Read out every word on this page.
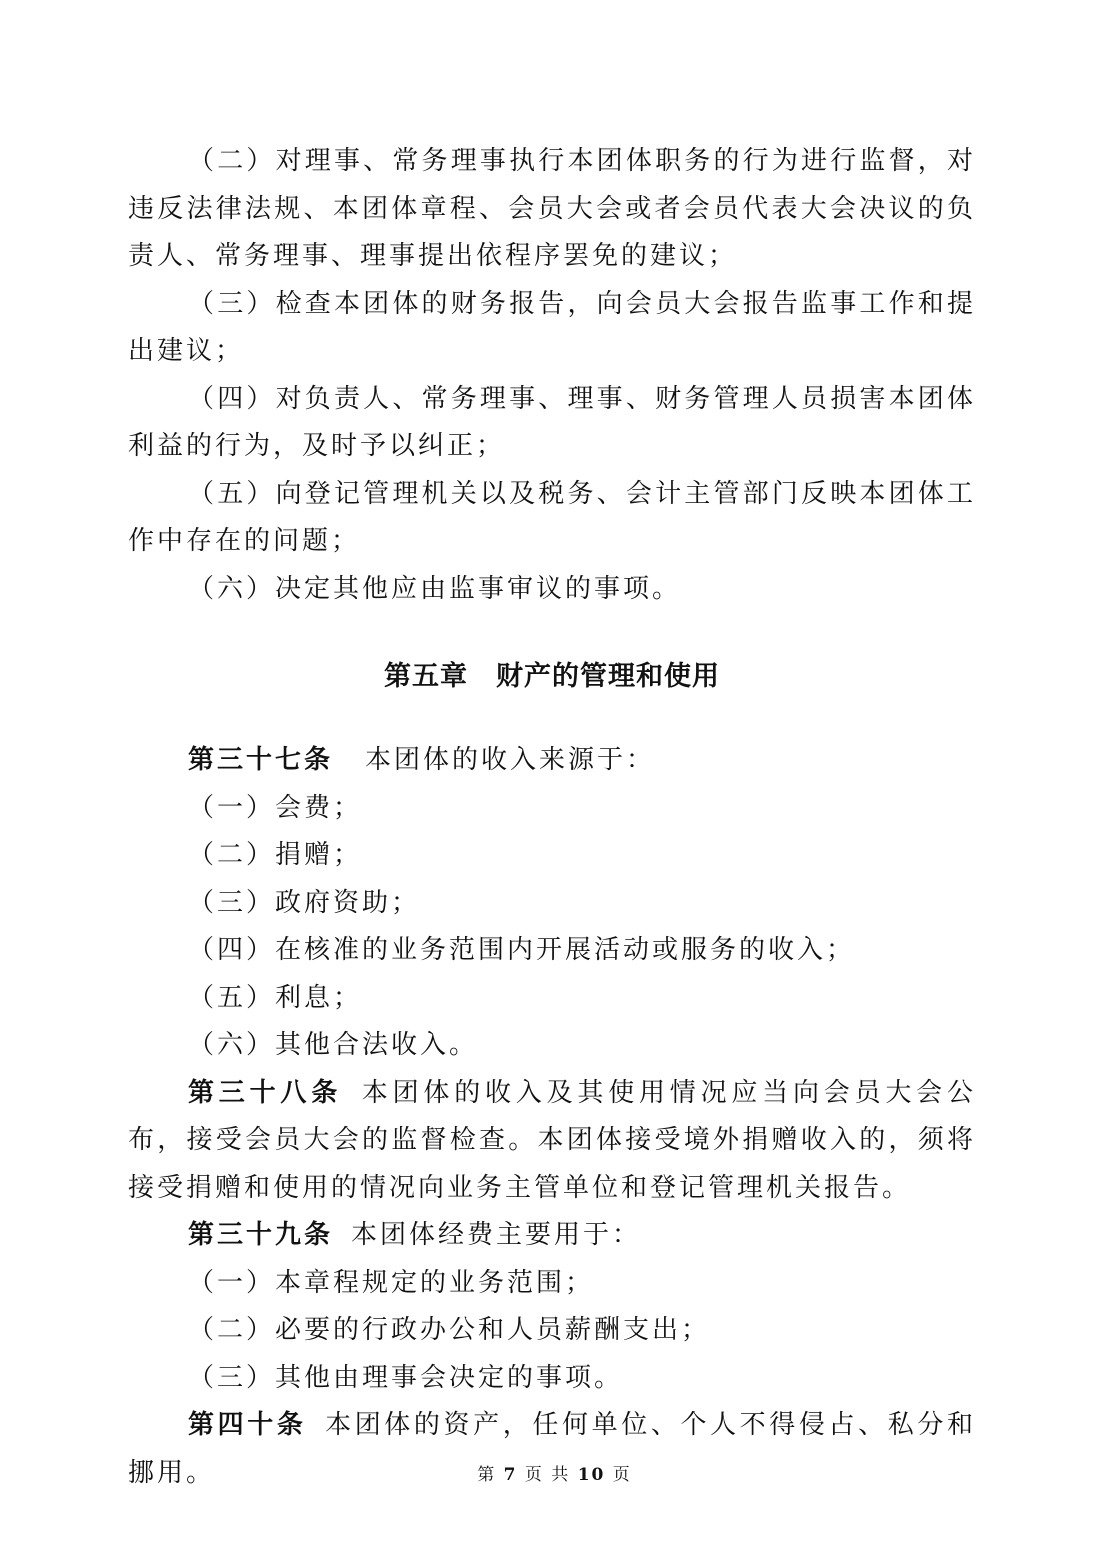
（二）对理事、常务理事执行本团体职务的行为进行监督，对违反法律法规、本团体章程、会员大会或者会员代表大会决议的负责人、常务理事、理事提出依程序罢免的建议；

（三）检查本团体的财务报告，向会员大会报告监事工作和提出建议；

（四）对负责人、常务理事、理事、财务管理人员损害本团体利益的行为，及时予以纠正；

（五）向登记管理机关以及税务、会计主管部门反映本团体工作中存在的问题；

（六）决定其他应由监事审议的事项。

第五章 财产的管理和使用

第三十七条 本团体的收入来源于：

（一）会费；

（二）捐赠；

（三）政府资助；

（四）在核准的业务范围内开展活动或服务的收入；

（五）利息；

（六）其他合法收入。

第三十八条 本团体的收入及其使用情况应当向会员大会公布，接受会员大会的监督检查。本团体接受境外捐赠收入的，须将接受捐赠和使用的情况向业务主管单位和登记管理机关报告。

第三十九条 本团体经费主要用于：

（一）本章程规定的业务范围；

（二）必要的行政办公和人员薪酬支出；

（三）其他由理事会决定的事项。

第四十条 本团体的资产，任何单位、个人不得侵占、私分和挪用。	第 7 页 共 10 页
